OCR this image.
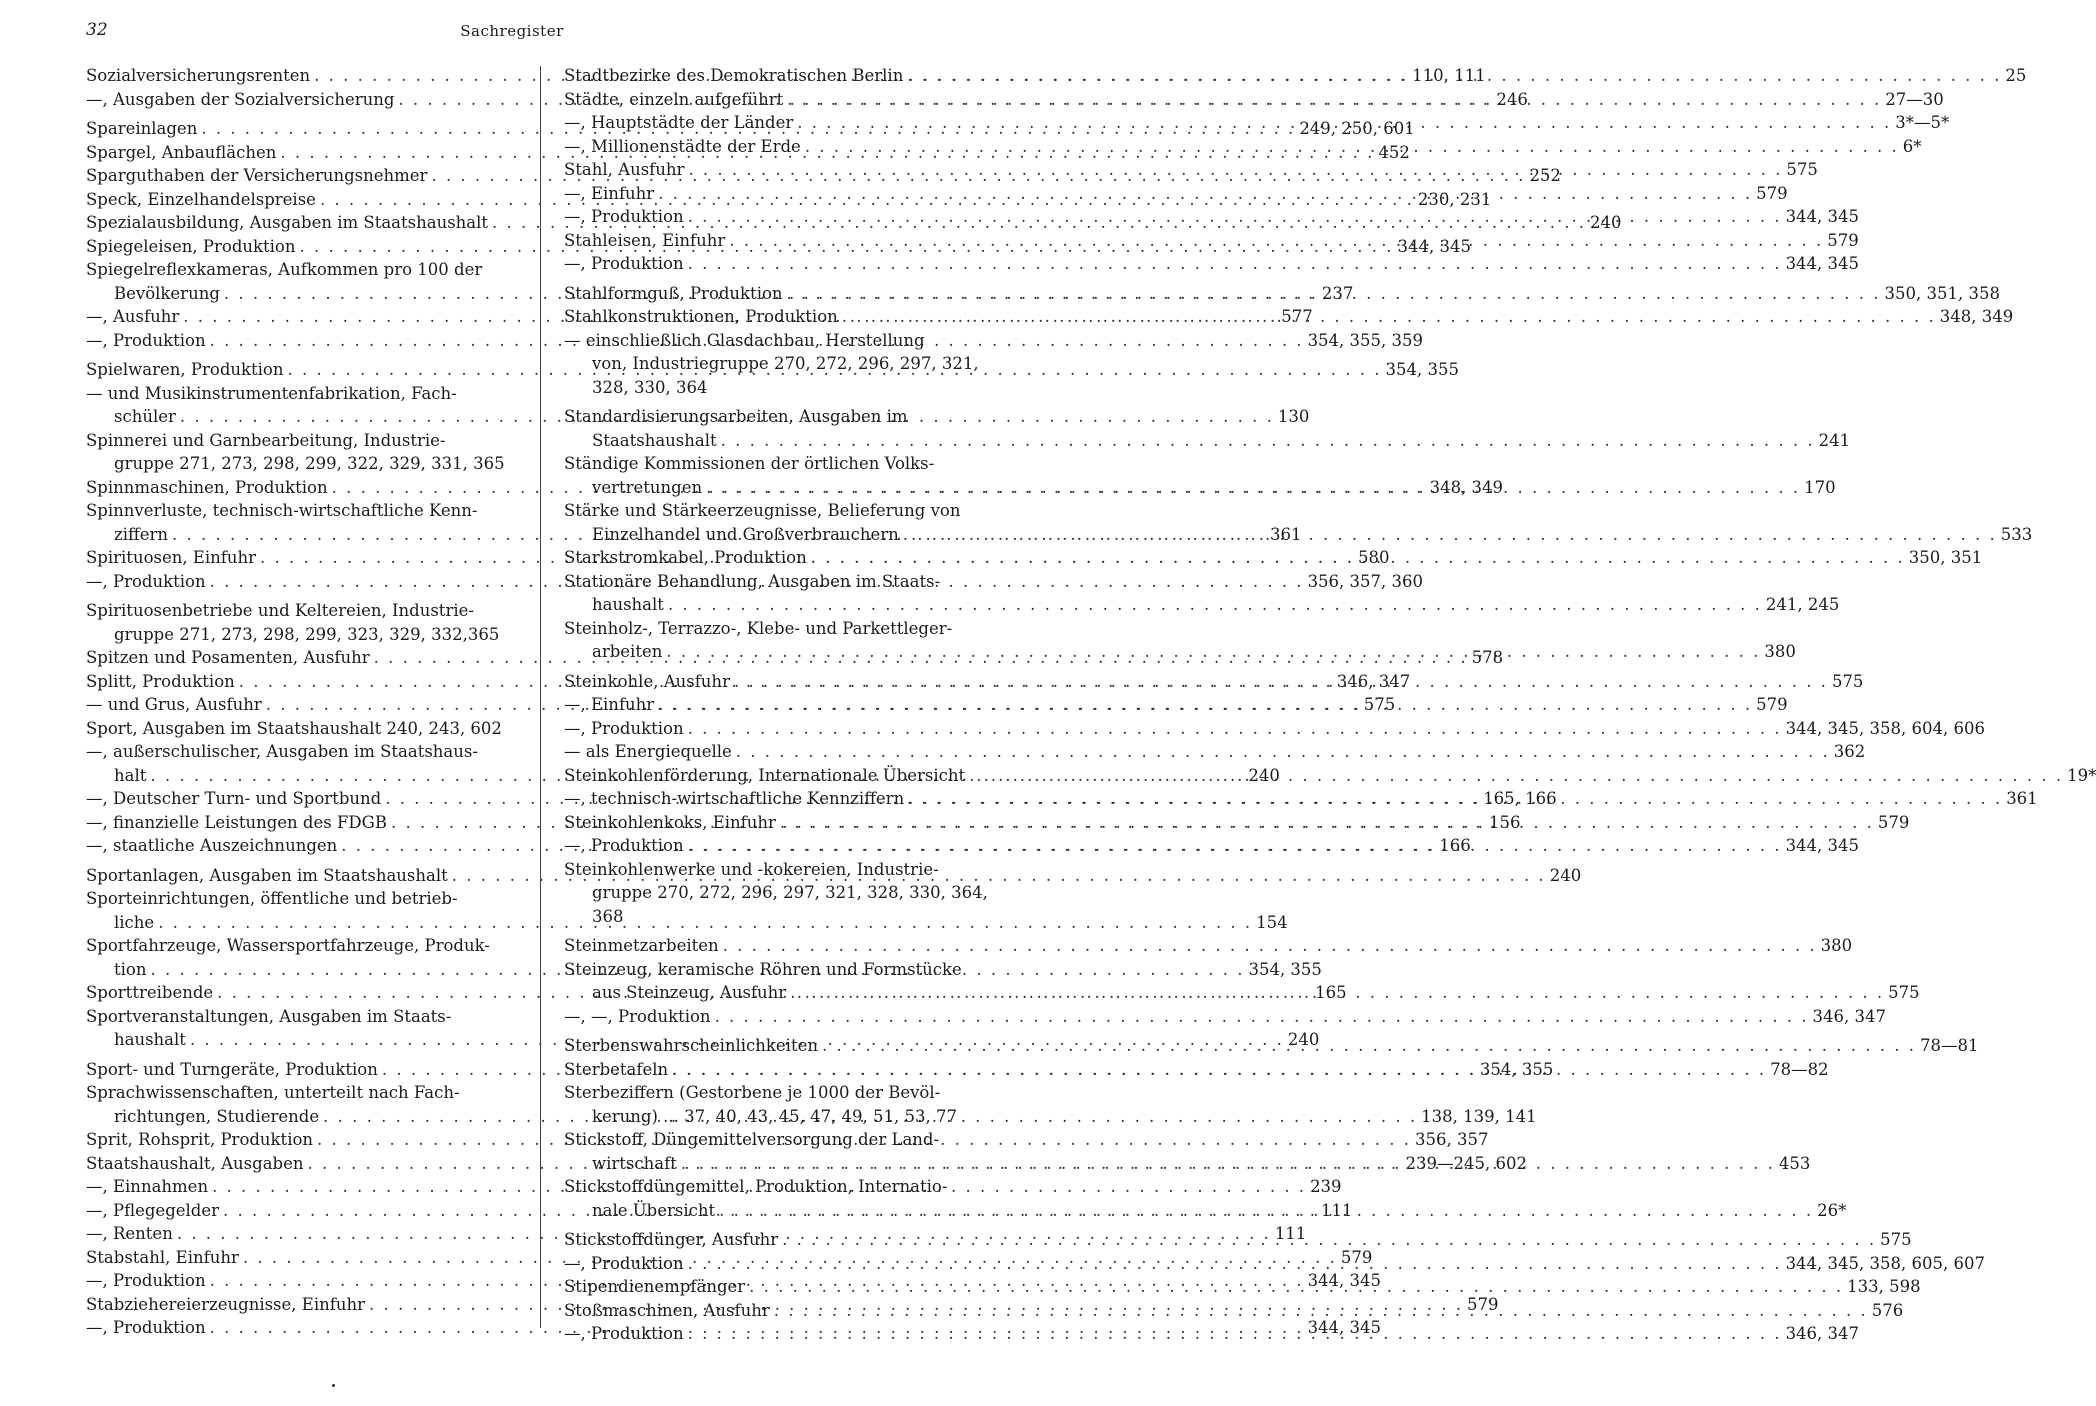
32	Sachregister
Sozialversicherungsrenten . . .	110, 111
—, Ausgaben der Sozialversicherung . . .	246
Spareinlagen . . .	249, 250, 601
Spargel, Anbauflächen . . .	452
Sparguthaben der Versicherungsnehmer . . .	252
Speck, Einzelhandelspreise . . .	230, 231
Spezialausbildung, Ausgaben im Staatshaushalt . . .	240
Spiegeleisen, Produktion . . .	344, 345
Spiegelreflexkameras, Aufkommen pro 100 der
Bevölkerung . . .	237
—, Ausfuhr . . .	577
—, Produktion . . .	354, 355, 359
Spielwaren, Produktion . . .	354, 355
— und Musikinstrumentenfabrikation, Fach-
schüler . . .	130
Spinnerei und Garnbearbeitung, Industrie-
gruppe 271, 273, 298, 299, 322, 329, 331, 365
Spinnmaschinen, Produktion . . .	348, 349
Spinnverluste, technisch-wirtschaftliche Kenn-
ziffern . . .	361
Spirituosen, Einfuhr . . .	580
—, Produktion . . .	356, 357, 360
Spirituosenbetriebe und Keltereien, Industrie-
gruppe 271, 273, 298, 299, 323, 329, 332,365
Spitzen und Posamenten, Ausfuhr . . .	578
Splitt, Produktion . . .	346, 347
— und Grus, Ausfuhr . . .	575
Sport, Ausgaben im Staatshaushalt 240, 243, 602
—, außerschulischer, Ausgaben im Staatshaus-
halt . . .	240
—, Deutscher Turn- und Sportbund . . .	165, 166
—, finanzielle Leistungen des FDGB . . .	156
—, staatliche Auszeichnungen . . .	166
Sportanlagen, Ausgaben im Staatshaushalt . . .	240
Sporteinrichtungen, öffentliche und betrieb-
liche . . .	154
Sportfahrzeuge, Wassersportfahrzeuge, Produk-
tion . . .	354, 355
Sporttreibende . . .	165
Sportveranstaltungen, Ausgaben im Staats-
haushalt . . .	240
Sport- und Turngeräte, Produktion . . .	354, 355
Sprachwissenschaften, unterteilt nach Fach-
richtungen, Studierende . . .	138, 139, 141
Sprit, Rohsprit, Produktion . . .	356, 357
Staatshaushalt, Ausgaben . . .	239—245, 602
—, Einnahmen . . .	239
—, Pflegegelder . . .	111
—, Renten . . .	111
Stabstahl, Einfuhr . . .	579
—, Produktion . . .	344, 345
Stabziehereierzeugnisse, Einfuhr . . .	579
—, Produktion . . .	344, 345
Stadtbezirke des Demokratischen Berlin . . .	25
Städte, einzeln aufgeführt . . .	27—30
—, Hauptstädte der Länder . . .	3*—5*
—, Millionenstädte der Erde . . .	6*
Stahl, Ausfuhr . . .	575
—, Einfuhr . . .	579
—, Produktion . . .	344, 345
Stahleisen, Einfuhr . . .	579
—, Produktion . . .	344, 345
Stahlformguß, Produktion . . .	350, 351, 358
Stahlkonstruktionen, Produktion . . .	348, 349
— einschließlich Glasdachbau, Herstellung
von, Industriegruppe 270, 272, 296, 297, 321,
328, 330, 364
Standardisierungsarbeiten, Ausgaben im
Staatshaushalt . . .	241
Ständige Kommissionen der örtlichen Volks-
vertretungen . . .	170
Stärke und Stärkeerzeugnisse, Belieferung von
Einzelhandel und Großverbrauchern . . .	533
Starkstromkabel, Produktion . . .	350, 351
Stationäre Behandlung, Ausgaben im Staats-
haushalt . . .	241, 245
Steinholz-, Terrazzo-, Klebe- und Parkettleger-
arbeiten . . .	380
Steinkohle, Ausfuhr . . .	575
—, Einfuhr . . .	579
—, Produktion . . .	344, 345, 358, 604, 606
— als Energiequelle . . .	362
Steinkohlenförderung, Internationale Übersicht . . .	19*
—, technisch-wirtschaftliche Kennziffern . . .	361
Steinkohlenkoks, Einfuhr . . .	579
—, Produktion . . .	344, 345
Steinkohlenwerke und -kokereien, Industrie-
gruppe 270, 272, 296, 297, 321, 328, 330, 364,
368
Steinmetzarbeiten . . .	380
Steinzeug, keramische Röhren und Formstücke
aus Steinzeug, Ausfuhr . . .	575
—, —, Produktion . . .	346, 347
Sterbenswahrscheinlichkeiten . . .	78—81
Sterbetafeln . . .	78—82
Sterbeziffern (Gestorbene je 1000 der Bevöl-
kerung) ... 37, 40, 43, 45, 47, 49, 51, 53, 77
Stickstoff, Düngemittelversorgung der Land-
wirtschaft . . .	453
Stickstoffdüngemittel, Produktion, Internatio-
nale Übersicht . . .	26*
Stickstoffdünger, Ausfuhr . . .	575
—, Produktion . . .	344, 345, 358, 605, 607
Stipendienempfänger . . .	133, 598
Stoßmaschinen, Ausfuhr . . .	576
—, Produktion . . .	346, 347
